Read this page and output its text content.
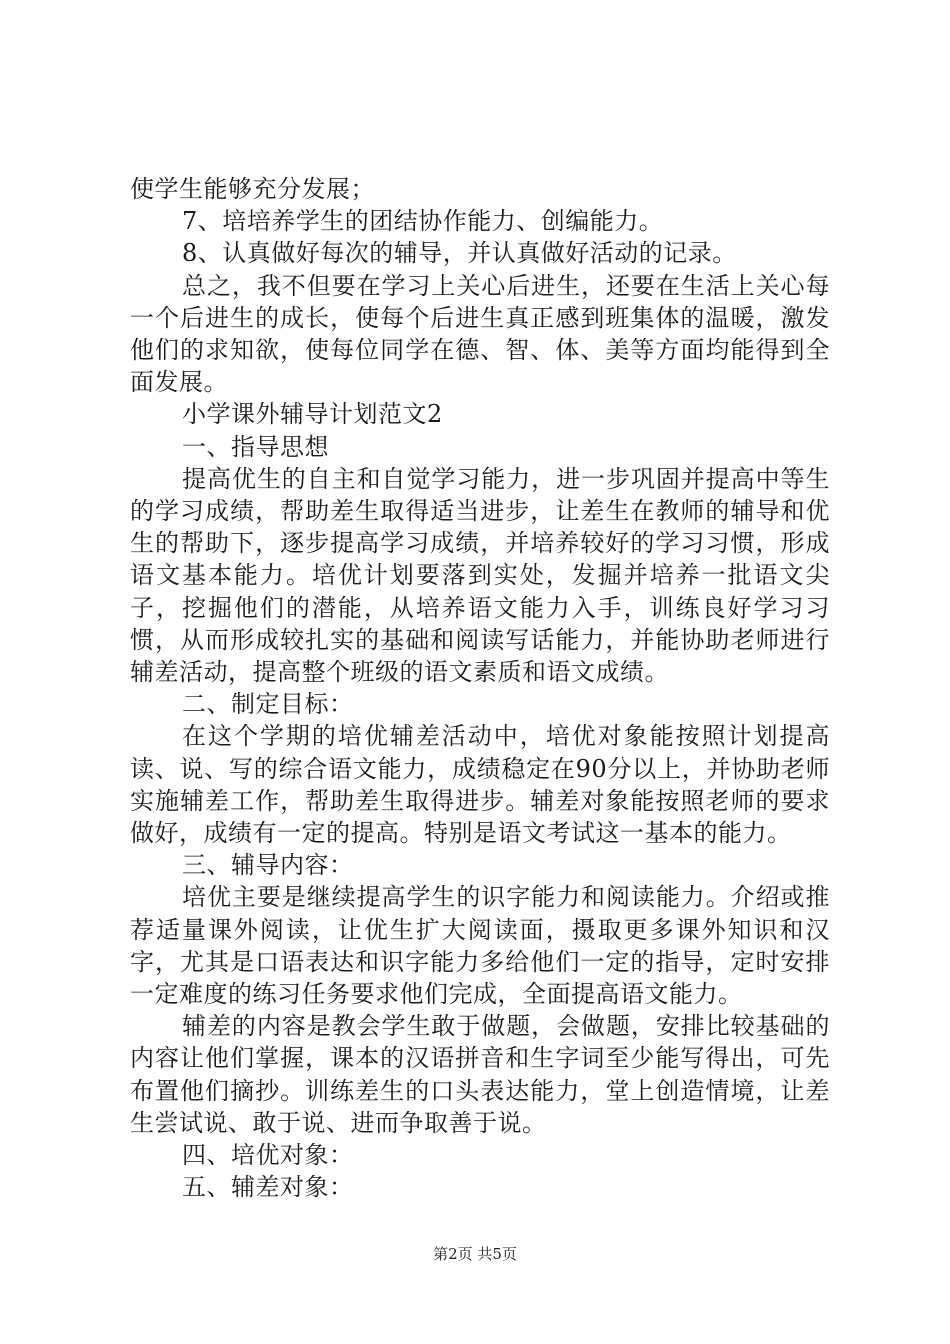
使学生能够充分发展；

7、培培养学生的团结协作能力、创编能力。

8、认真做好每次的辅导，并认真做好活动的记录。

总之，我不但要在学习上关心后进生，还要在生活上关心每一个后进生的成长，使每个后进生真正感到班集体的温暖，激发他们的求知欲，使每位同学在德、智、体、美等方面均能得到全面发展。

小学课外辅导计划范文2

一、指导思想

提高优生的自主和自觉学习能力，进一步巩固并提高中等生的学习成绩，帮助差生取得适当进步，让差生在教师的辅导和优生的帮助下，逐步提高学习成绩，并培养较好的学习习惯，形成语文基本能力。培优计划要落到实处，发掘并培养一批语文尖子，挖掘他们的潜能，从培养语文能力入手，训练良好学习习惯，从而形成较扎实的基础和阅读写话能力，并能协助老师进行辅差活动，提高整个班级的语文素质和语文成绩。

二、制定目标：

在这个学期的培优辅差活动中，培优对象能按照计划提高读、说、写的综合语文能力，成绩稳定在90分以上，并协助老师实施辅差工作，帮助差生取得进步。辅差对象能按照老师的要求做好，成绩有一定的提高。特别是语文考试这一基本的能力。

三、辅导内容：

培优主要是继续提高学生的识字能力和阅读能力。介绍或推荐适量课外阅读，让优生扩大阅读面，摄取更多课外知识和汉字，尤其是口语表达和识字能力多给他们一定的指导，定时安排一定难度的练习任务要求他们完成，全面提高语文能力。

辅差的内容是教会学生敢于做题，会做题，安排比较基础的内容让他们掌握，课本的汉语拼音和生字词至少能写得出，可先布置他们摘抄。训练差生的口头表达能力，堂上创造情境，让差生尝试说、敢于说、进而争取善于说。

四、培优对象：

五、辅差对象：

第2页 共5页
